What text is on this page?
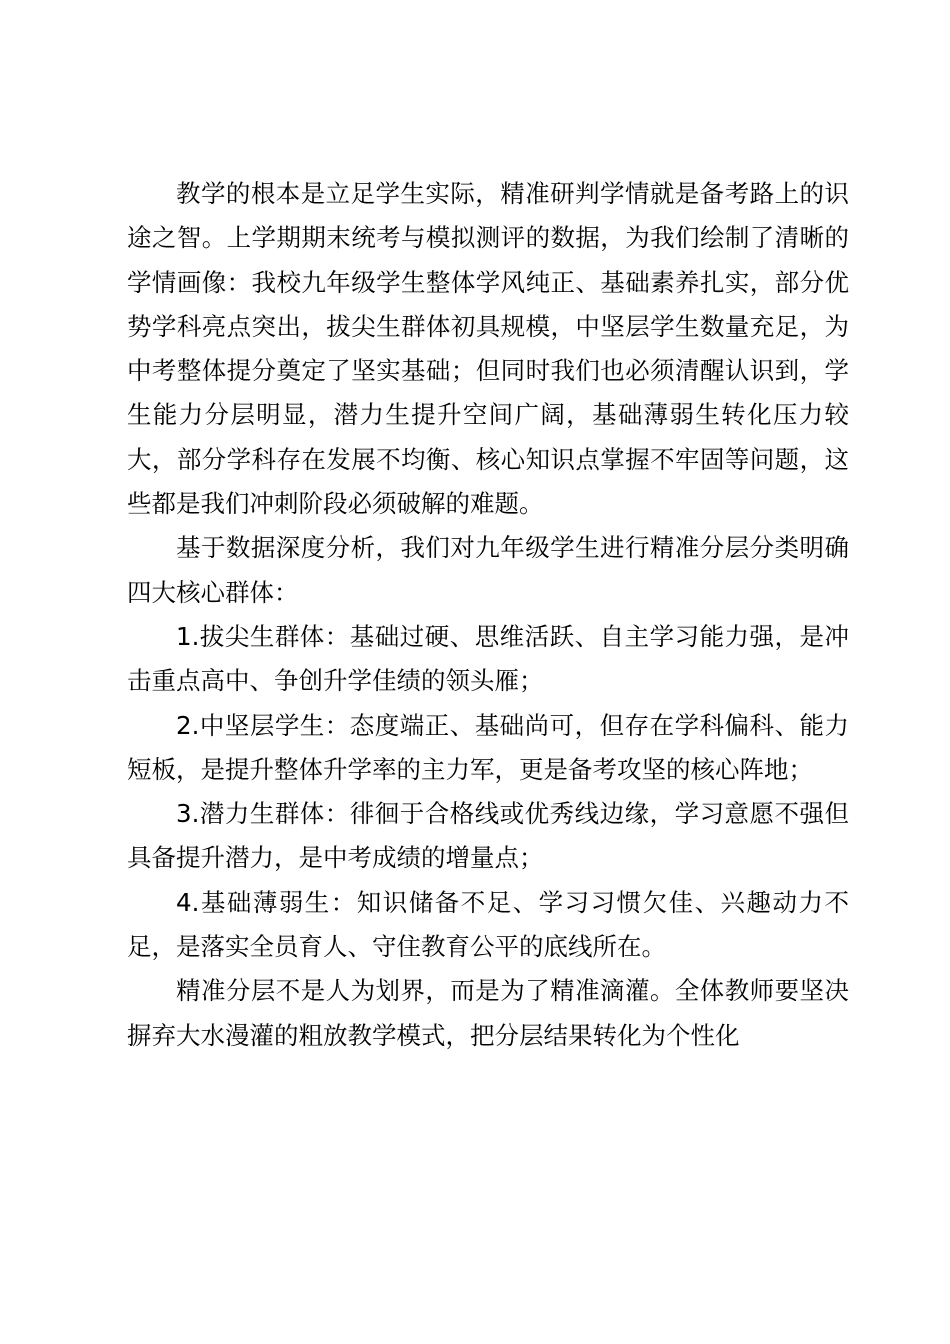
教学的根本是立足学生实际，精准研判学情就是备考路上的识途之智。上学期期末统考与模拟测评的数据，为我们绘制了清晰的学情画像：我校九年级学生整体学风纯正、基础素养扎实，部分优势学科亮点突出，拔尖生群体初具规模，中坚层学生数量充足，为中考整体提分奠定了坚实基础；但同时我们也必须清醒认识到，学生能力分层明显，潜力生提升空间广阔，基础薄弱生转化压力较大，部分学科存在发展不均衡、核心知识点掌握不牢固等问题，这些都是我们冲刺阶段必须破解的难题。

基于数据深度分析，我们对九年级学生进行精准分层分类明确四大核心群体：

1.拔尖生群体：基础过硬、思维活跃、自主学习能力强，是冲击重点高中、争创升学佳绩的领头雁；

2.中坚层学生：态度端正、基础尚可，但存在学科偏科、能力短板，是提升整体升学率的主力军，更是备考攻坚的核心阵地；

3.潜力生群体：徘徊于合格线或优秀线边缘，学习意愿不强但具备提升潜力，是中考成绩的增量点；

4.基础薄弱生：知识储备不足、学习习惯欠佳、兴趣动力不足，是落实全员育人、守住教育公平的底线所在。

精准分层不是人为划界，而是为了精准滴灌。全体教师要坚决摒弃大水漫灌的粗放教学模式，把分层结果转化为个性化
